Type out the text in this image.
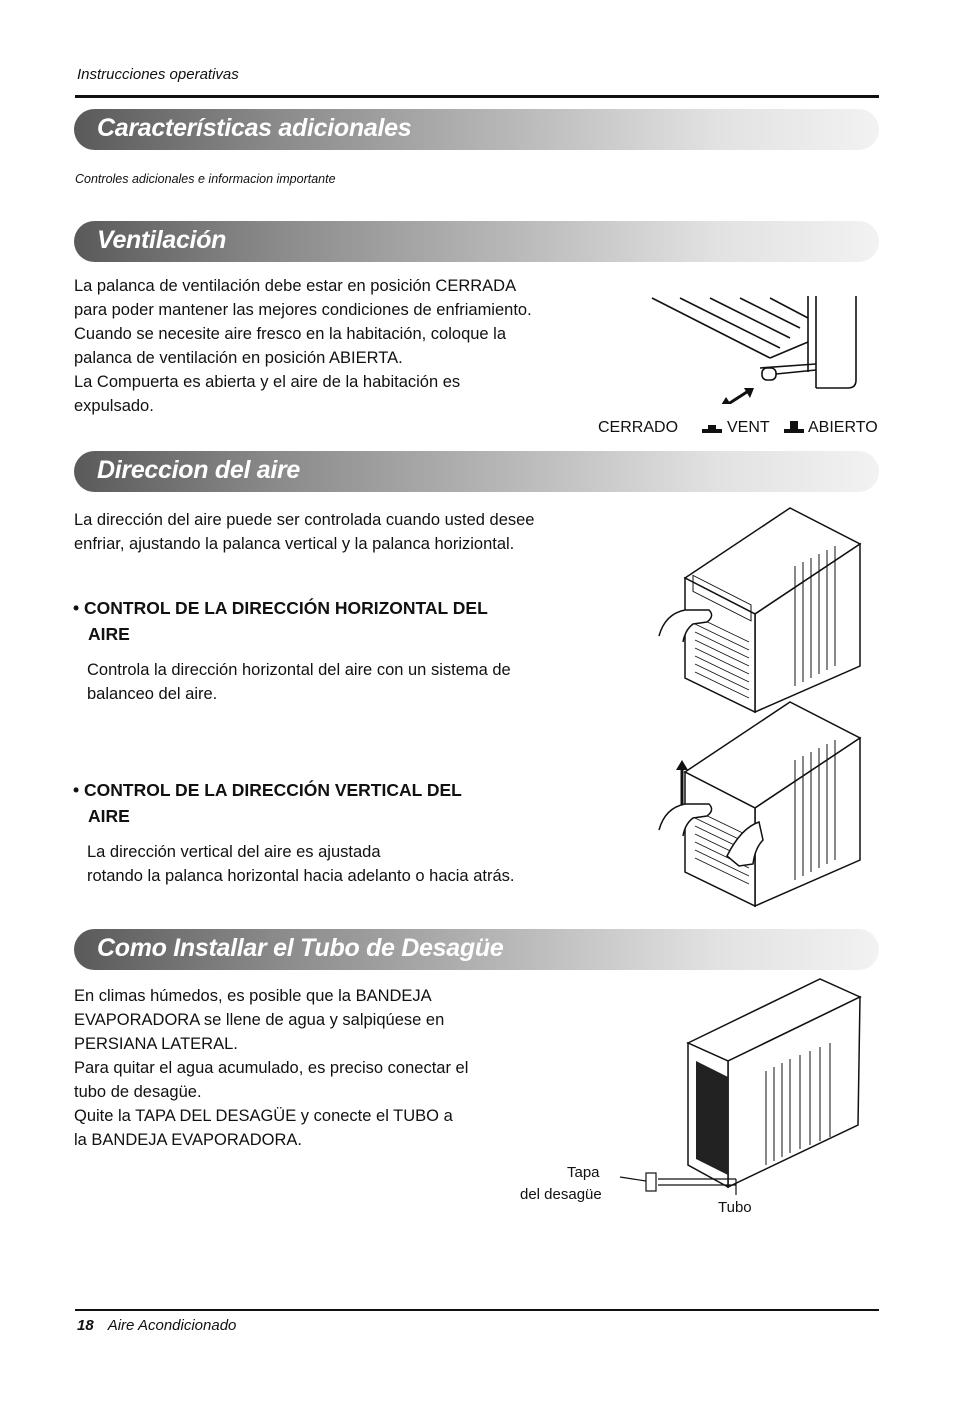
Instrucciones operativas
Características adicionales
Controles adicionales e informacion importante
Ventilación
La palanca de ventilación debe estar en posición CERRADA
para poder mantener las mejores condiciones de enfriamiento.
Cuando se necesite aire fresco en la habitación, coloque la
palanca de ventilación en posición ABIERTA.
La Compuerta es abierta y el aire de la habitación es
expulsado.
CERRADO	VENT ABIERTO
Direccion del aire
La dirección del aire puede ser controlada cuando usted desee
enfriar, ajustando la palanca vertical y la palanca horiziontal.
• CONTROL DE LA DIRECCIÓN HORIZONTAL DEL
AIRE
Controla la dirección horizontal del aire con un sistema de
balanceo del aire.
• CONTROL DE LA DIRECCIÓN VERTICAL DEL
AIRE
La dirección vertical del aire es ajustada
rotando la palanca horizontal hacia adelanto o hacia atrás.
Como Installar el Tubo de Desagüe
En climas húmedos, es posible que la BANDEJA
EVAPORADORA se llene de agua y salpiqúese en
PERSIANA LATERAL.
Para quitar el agua acumulado, es preciso conectar el
tubo de desagüe.
Quite la TAPA DEL DESAGÜE y conecte el TUBO a
la BANDEJA EVAPORADORA.
Tapa
del desagüe
Tubo
18 Aire Acondicionado
